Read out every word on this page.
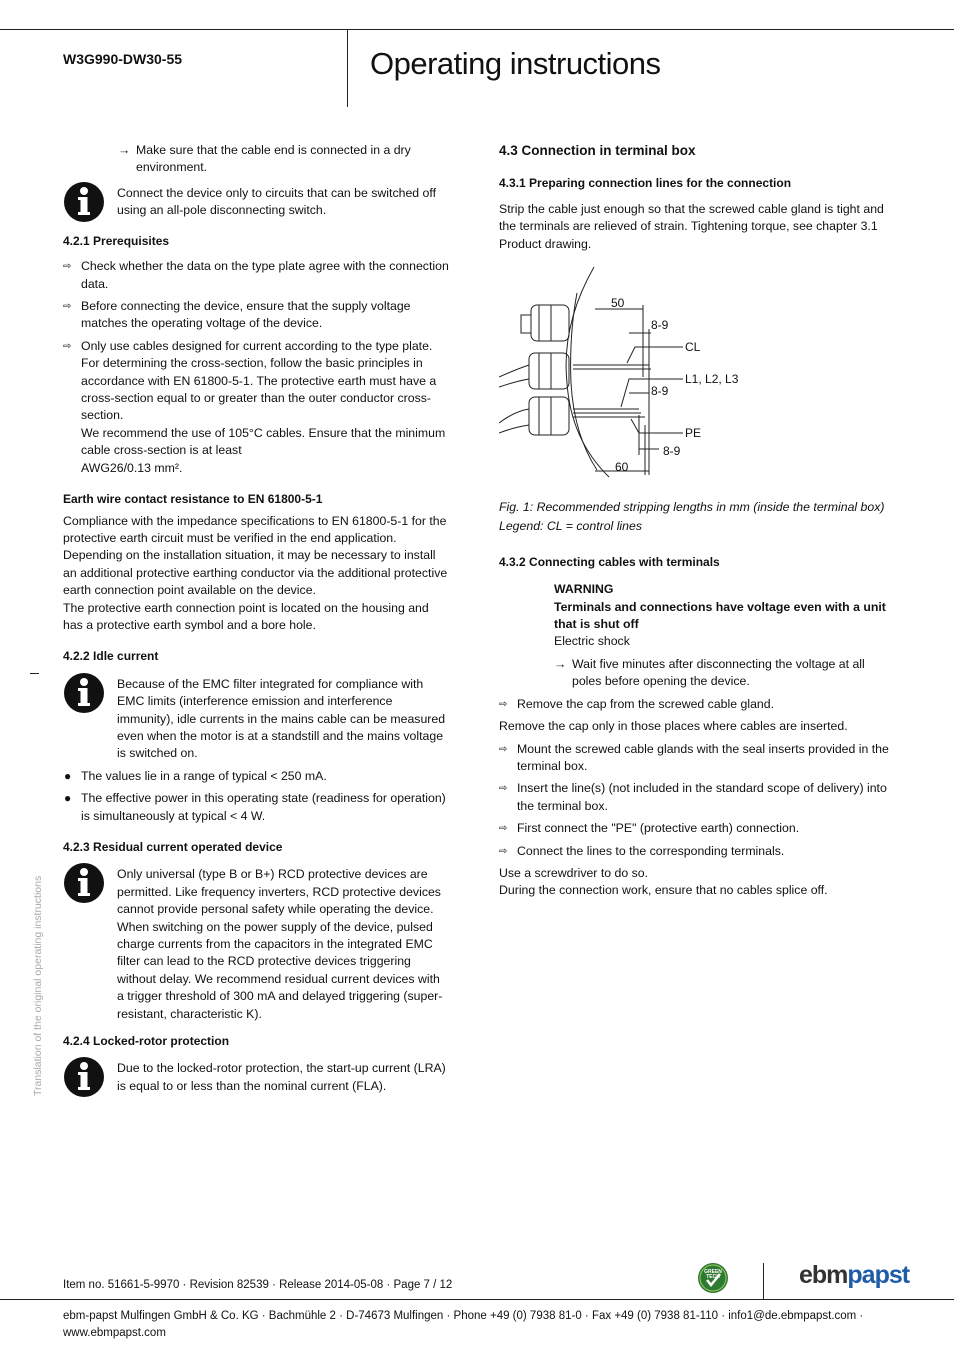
W3G990-DW30-55	Operating instructions
→ Make sure that the cable end is connected in a dry environment.
Connect the device only to circuits that can be switched off using an all-pole disconnecting switch.
4.2.1 Prerequisites
⇨ Check whether the data on the type plate agree with the connection data.
⇨ Before connecting the device, ensure that the supply voltage matches the operating voltage of the device.
⇨ Only use cables designed for current according to the type plate.
For determining the cross-section, follow the basic principles in accordance with EN 61800-5-1. The protective earth must have a cross-section equal to or greater than the outer conductor cross-section.
We recommend the use of 105°C cables. Ensure that the minimum cable cross-section is at least
AWG26/0.13 mm².
Earth wire contact resistance to EN 61800-5-1
Compliance with the impedance specifications to EN 61800-5-1 for the protective earth circuit must be verified in the end application.
Depending on the installation situation, it may be necessary to install an additional protective earthing conductor via the additional protective earth connection point available on the device.
The protective earth connection point is located on the housing and has a protective earth symbol and a bore hole.
4.2.2 Idle current
Because of the EMC filter integrated for compliance with EMC limits (interference emission and interference immunity), idle currents in the mains cable can be measured even when the motor is at a standstill and the mains voltage is switched on.
● The values lie in a range of typical < 250 mA.
● The effective power in this operating state (readiness for operation) is simultaneously at typical < 4 W.
4.2.3 Residual current operated device
Only universal (type B or B+) RCD protective devices are permitted. Like frequency inverters, RCD protective devices cannot provide personal safety while operating the device. When switching on the power supply of the device, pulsed charge currents from the capacitors in the integrated EMC filter can lead to the RCD protective devices triggering without delay. We recommend residual current devices with a trigger threshold of 300 mA and delayed triggering (super-resistant, characteristic K).
4.2.4 Locked-rotor protection
Due to the locked-rotor protection, the start-up current (LRA) is equal to or less than the nominal current (FLA).
4.3 Connection in terminal box
4.3.1 Preparing connection lines for the connection
Strip the cable just enough so that the screwed cable gland is tight and the terminals are relieved of strain. Tightening torque, see chapter 3.1 Product drawing.
50
8-9
CL
L1, L2, L3
8-9
PE
8-9
60
Fig. 1: Recommended stripping lengths in mm (inside the terminal box)
Legend: CL = control lines
4.3.2 Connecting cables with terminals
WARNING
Terminals and connections have voltage even with a unit that is shut off
Electric shock
→ Wait five minutes after disconnecting the voltage at all poles before opening the device.
⇨ Remove the cap from the screwed cable gland.
Remove the cap only in those places where cables are inserted.
⇨ Mount the screwed cable glands with the seal inserts provided in the terminal box.
⇨ Insert the line(s) (not included in the standard scope of delivery) into the terminal box.
⇨ First connect the "PE" (protective earth) connection.
⇨ Connect the lines to the corresponding terminals.
Use a screwdriver to do so.
During the connection work, ensure that no cables splice off.
Translation of the original operating instructions
Item no. 51661-5-9970 · Revision 82539 · Release 2014-05-08 · Page 7 / 12
GREEN
TECH	ebmpapst
ebm-papst Mulfingen GmbH & Co. KG · Bachmühle 2 · D-74673 Mulfingen · Phone +49 (0) 7938 81-0 · Fax +49 (0) 7938 81-110 · info1@de.ebmpapst.com · www.ebmpapst.com
